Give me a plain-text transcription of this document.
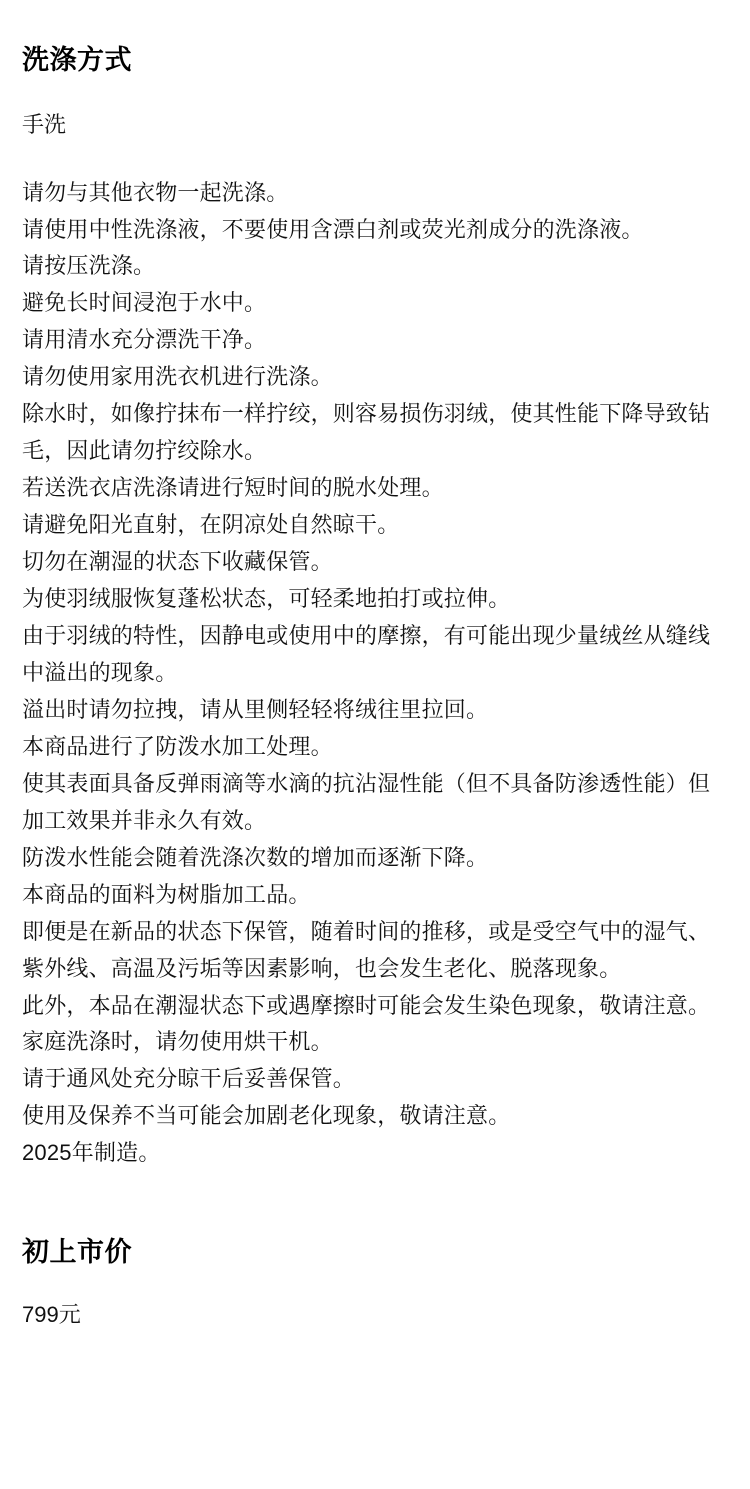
洗涤方式

手洗

请勿与其他衣物一起洗涤。
请使用中性洗涤液，不要使用含漂白剂或荧光剂成分的洗涤液。
请按压洗涤。
避免长时间浸泡于水中。
请用清水充分漂洗干净。
请勿使用家用洗衣机进行洗涤。
除水时，如像拧抹布一样拧绞，则容易损伤羽绒，使其性能下降导致钻毛，因此请勿拧绞除水。
若送洗衣店洗涤请进行短时间的脱水处理。
请避免阳光直射，在阴凉处自然晾干。
切勿在潮湿的状态下收藏保管。
为使羽绒服恢复蓬松状态，可轻柔地拍打或拉伸。
由于羽绒的特性，因静电或使用中的摩擦，有可能出现少量绒丝从缝线中溢出的现象。
溢出时请勿拉拽，请从里侧轻轻将绒往里拉回。
本商品进行了防泼水加工处理。
使其表面具备反弹雨滴等水滴的抗沾湿性能（但不具备防渗透性能）但加工效果并非永久有效。
防泼水性能会随着洗涤次数的增加而逐渐下降。
本商品的面料为树脂加工品。
即便是在新品的状态下保管，随着时间的推移，或是受空气中的湿气、紫外线、高温及污垢等因素影响，也会发生老化、脱落现象。
此外，本品在潮湿状态下或遇摩擦时可能会发生染色现象，敬请注意。
家庭洗涤时，请勿使用烘干机。
请于通风处充分晾干后妥善保管。
使用及保养不当可能会加剧老化现象，敬请注意。
2025年制造。
初上市价

799元
